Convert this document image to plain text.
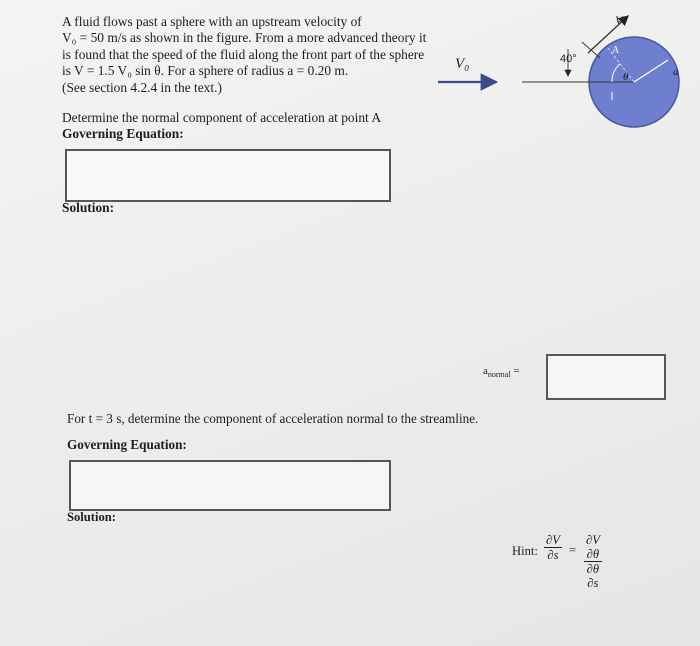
A fluid flows past a sphere with an upstream velocity of
V₀ = 50 m/s as shown in the figure. From a more advanced theory it
is found that the speed of the fluid along the front part of the sphere
is V = 1.5 V₀ sin θ. For a sphere of radius a = 0.20 m.
(See section 4.2.4 in the text.)
Determine the normal component of acceleration at point A
Governing Equation:
Solution:
$a_{normal}$ =
For t = 3 s, determine the component of acceleration normal to the streamline.
Governing Equation:
Solution:
Hint: $\frac{\partial V}{\partial s} = \frac{\partial V \partial\theta}{\partial\theta \partial s}$
V₀	40°
A
V
θ	a
